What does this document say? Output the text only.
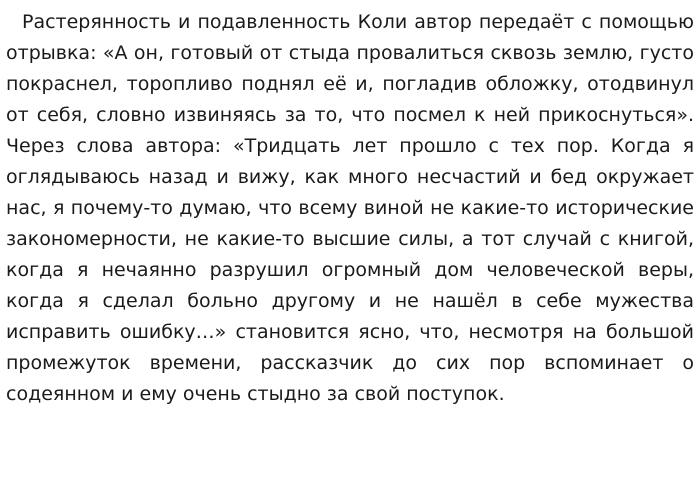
Растерянность и подавленность Коли автор передаёт с помощью отрывка: «А он, готовый от стыда провалиться сквозь землю, густо покраснел, торопливо поднял её и, погладив обложку, отодвинул от себя, словно извиняясь за то, что посмел к ней прикоснуться». Через слова автора: «Тридцать лет прошло с тех пор. Когда я оглядываюсь назад и вижу, как много несчастий и бед окружает нас, я почему-то думаю, что всему виной не какие-то исторические закономерности, не какие-то высшие силы, а тот случай с книгой, когда я нечаянно разрушил огромный дом человеческой веры, когда я сделал больно другому и не нашёл в себе мужества исправить ошибку…» становится ясно, что, несмотря на большой промежуток времени, рассказчик до сих пор вспоминает о содеянном и ему очень стыдно за свой поступок.
